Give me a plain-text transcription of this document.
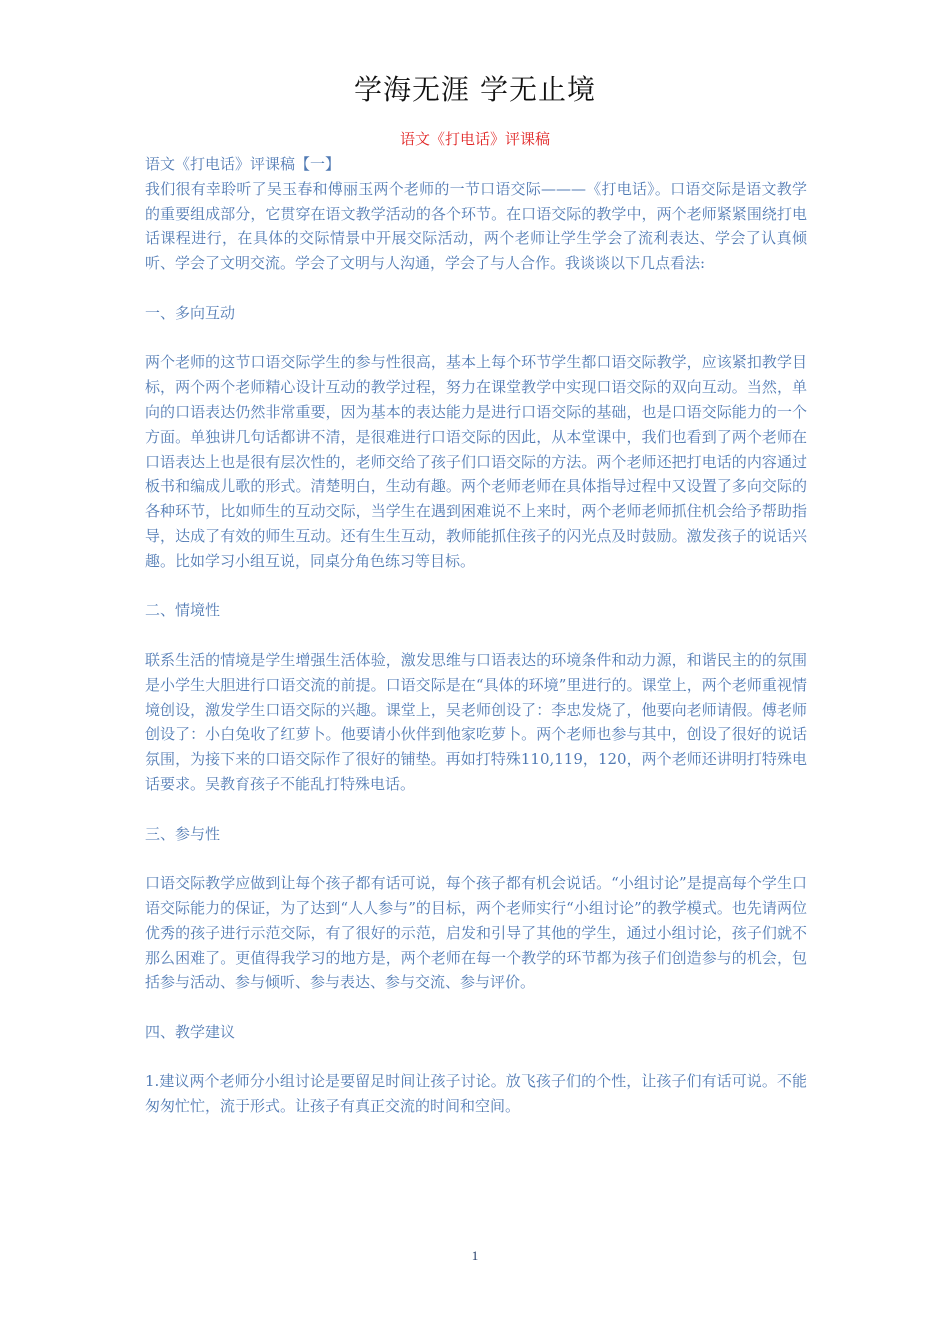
学海无涯 学无止境
语文《打电话》评课稿

语文《打电话》评课稿【一】

我们很有幸聆听了吴玉春和傅丽玉两个老师的一节口语交际———《打电话》。口语交际是语文教学的重要组成部分，它贯穿在语文教学活动的各个环节。在口语交际的教学中，两个老师紧紧围绕打电话课程进行，在具体的交际情景中开展交际活动，两个老师让学生学会了流利表达、学会了认真倾听、学会了文明交流。学会了文明与人沟通，学会了与人合作。我谈谈以下几点看法:

一、多向互动

两个老师的这节口语交际学生的参与性很高，基本上每个环节学生都口语交际教学，应该紧扣教学目标，两个两个老师精心设计互动的教学过程，努力在课堂教学中实现口语交际的双向互动。当然，单向的口语表达仍然非常重要，因为基本的表达能力是进行口语交际的基础，也是口语交际能力的一个方面。单独讲几句话都讲不清，是很难进行口语交际的因此，从本堂课中，我们也看到了两个老师在口语表达上也是很有层次性的，老师交给了孩子们口语交际的方法。两个老师还把打电话的内容通过板书和编成儿歌的形式。清楚明白，生动有趣。两个老师老师在具体指导过程中又设置了多向交际的各种环节，比如师生的互动交际，当学生在遇到困难说不上来时，两个老师老师抓住机会给予帮助指导，达成了有效的师生互动。还有生生互动，教师能抓住孩子的闪光点及时鼓励。激发孩子的说话兴趣。比如学习小组互说，同桌分角色练习等目标。

二、情境性

联系生活的情境是学生增强生活体验，激发思维与口语表达的环境条件和动力源，和谐民主的的氛围是小学生大胆进行口语交流的前提。口语交际是在“具体的环境”里进行的。课堂上，两个老师重视情境创设，激发学生口语交际的兴趣。课堂上，吴老师创设了：李忠发烧了，他要向老师请假。傅老师创设了：小白兔收了红萝卜。他要请小伙伴到他家吃萝卜。两个老师也参与其中，创设了很好的说话氛围，为接下来的口语交际作了很好的铺垫。再如打特殊110,119，120，两个老师还讲明打特殊电话要求。吴教育孩子不能乱打特殊电话。

三、参与性

口语交际教学应做到让每个孩子都有话可说，每个孩子都有机会说话。“小组讨论”是提高每个学生口语交际能力的保证，为了达到“人人参与”的目标，两个老师实行“小组讨论”的教学模式。也先请两位优秀的孩子进行示范交际，有了很好的示范，启发和引导了其他的学生，通过小组讨论，孩子们就不那么困难了。更值得我学习的地方是，两个老师在每一个教学的环节都为孩子们创造参与的机会，包括参与活动、参与倾听、参与表达、参与交流、参与评价。

四、教学建议

1.建议两个老师分小组讨论是要留足时间让孩子讨论。放飞孩子们的个性，让孩子们有话可说。不能匆匆忙忙，流于形式。让孩子有真正交流的时间和空间。

1
